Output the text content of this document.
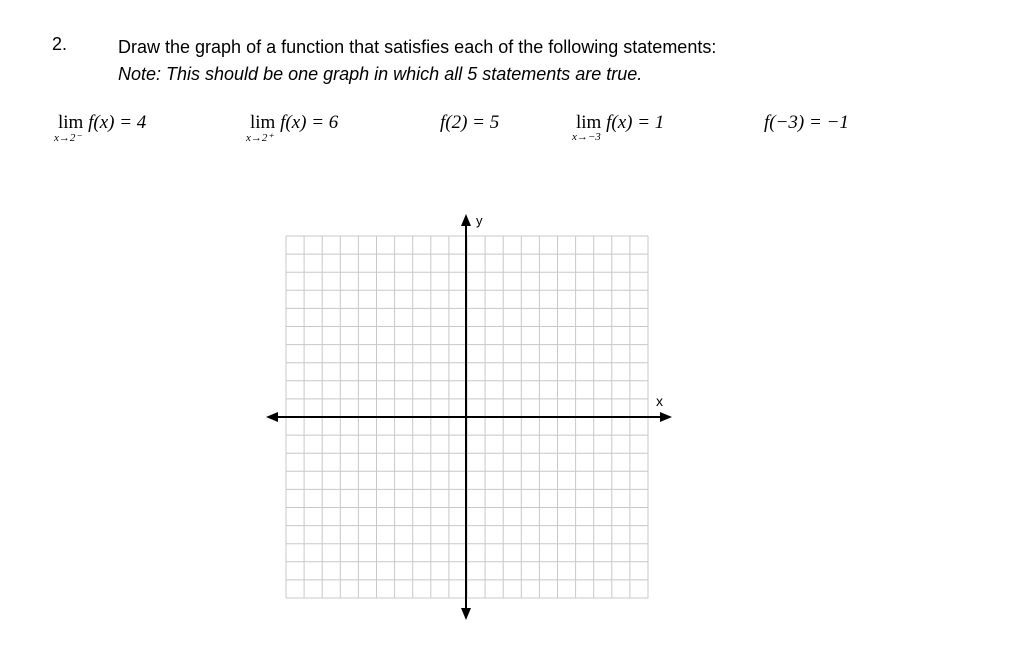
2.	Draw the graph of a function that satisfies each of the following statements:
Note: This should be one graph in which all 5 statements are true.
lim
x→2⁻
f(x) = 4	lim
x→2⁺
f(x) = 6	f(2) = 5	lim
x→−3
f(x) = 1	f(−3) = −1
y
x
